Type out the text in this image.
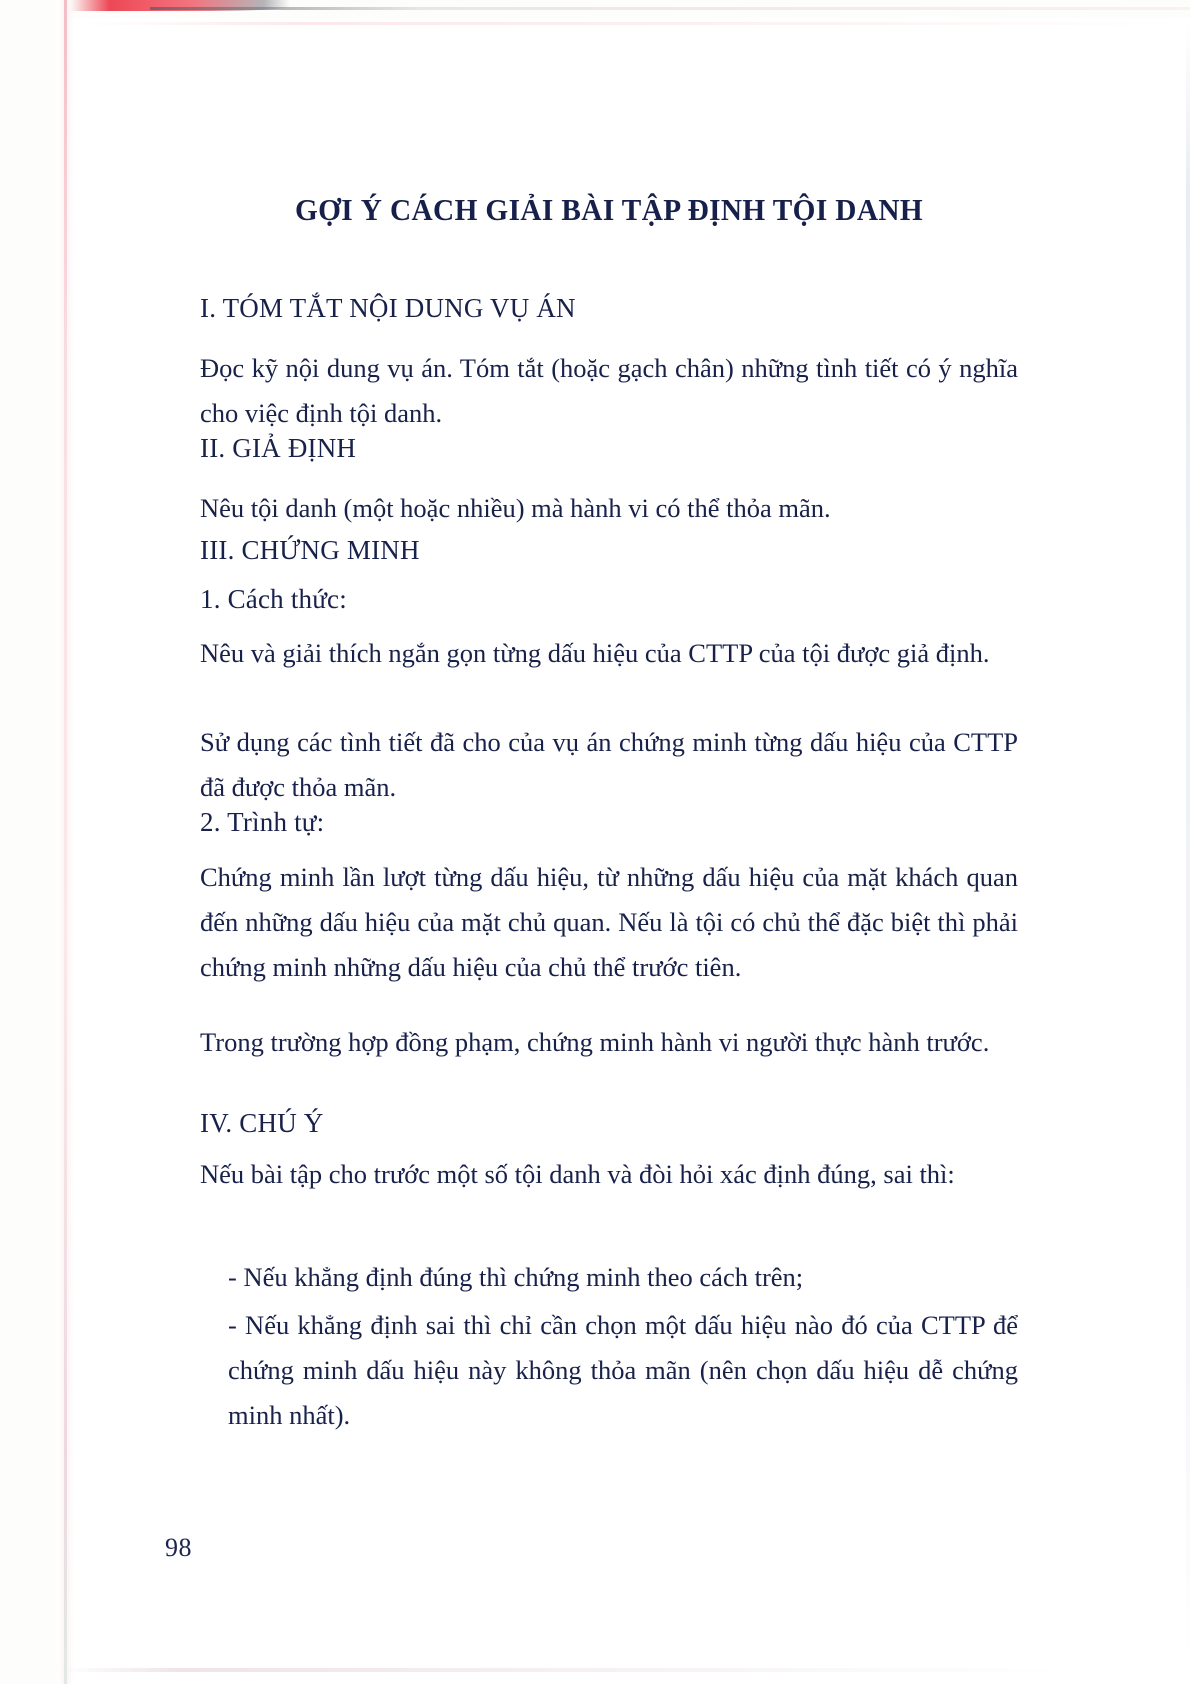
GỢI Ý CÁCH GIẢI BÀI TẬP ĐỊNH TỘI DANH
I. TÓM TẮT NỘI DUNG VỤ ÁN

Đọc kỹ nội dung vụ án. Tóm tắt (hoặc gạch chân) những tình tiết có ý nghĩa cho việc định tội danh.

II. GIẢ ĐỊNH

Nêu tội danh (một hoặc nhiều) mà hành vi có thể thỏa mãn.

III. CHỨNG MINH
1. Cách thức:

Nêu và giải thích ngắn gọn từng dấu hiệu của CTTP của tội được giả định.

Sử dụng các tình tiết đã cho của vụ án chứng minh từng dấu hiệu của CTTP đã được thỏa mãn.

2. Trình tự:

Chứng minh lần lượt từng dấu hiệu, từ những dấu hiệu của mặt khách quan đến những dấu hiệu của mặt chủ quan. Nếu là tội có chủ thể đặc biệt thì phải chứng minh những dấu hiệu của chủ thể trước tiên.

Trong trường hợp đồng phạm, chứng minh hành vi người thực hành trước.

IV. CHÚ Ý

Nếu bài tập cho trước một số tội danh và đòi hỏi xác định đúng, sai thì:

- Nếu khẳng định đúng thì chứng minh theo cách trên;

- Nếu khẳng định sai thì chỉ cần chọn một dấu hiệu nào đó của CTTP để chứng minh dấu hiệu này không thỏa mãn (nên chọn dấu hiệu dễ chứng minh nhất).

98
